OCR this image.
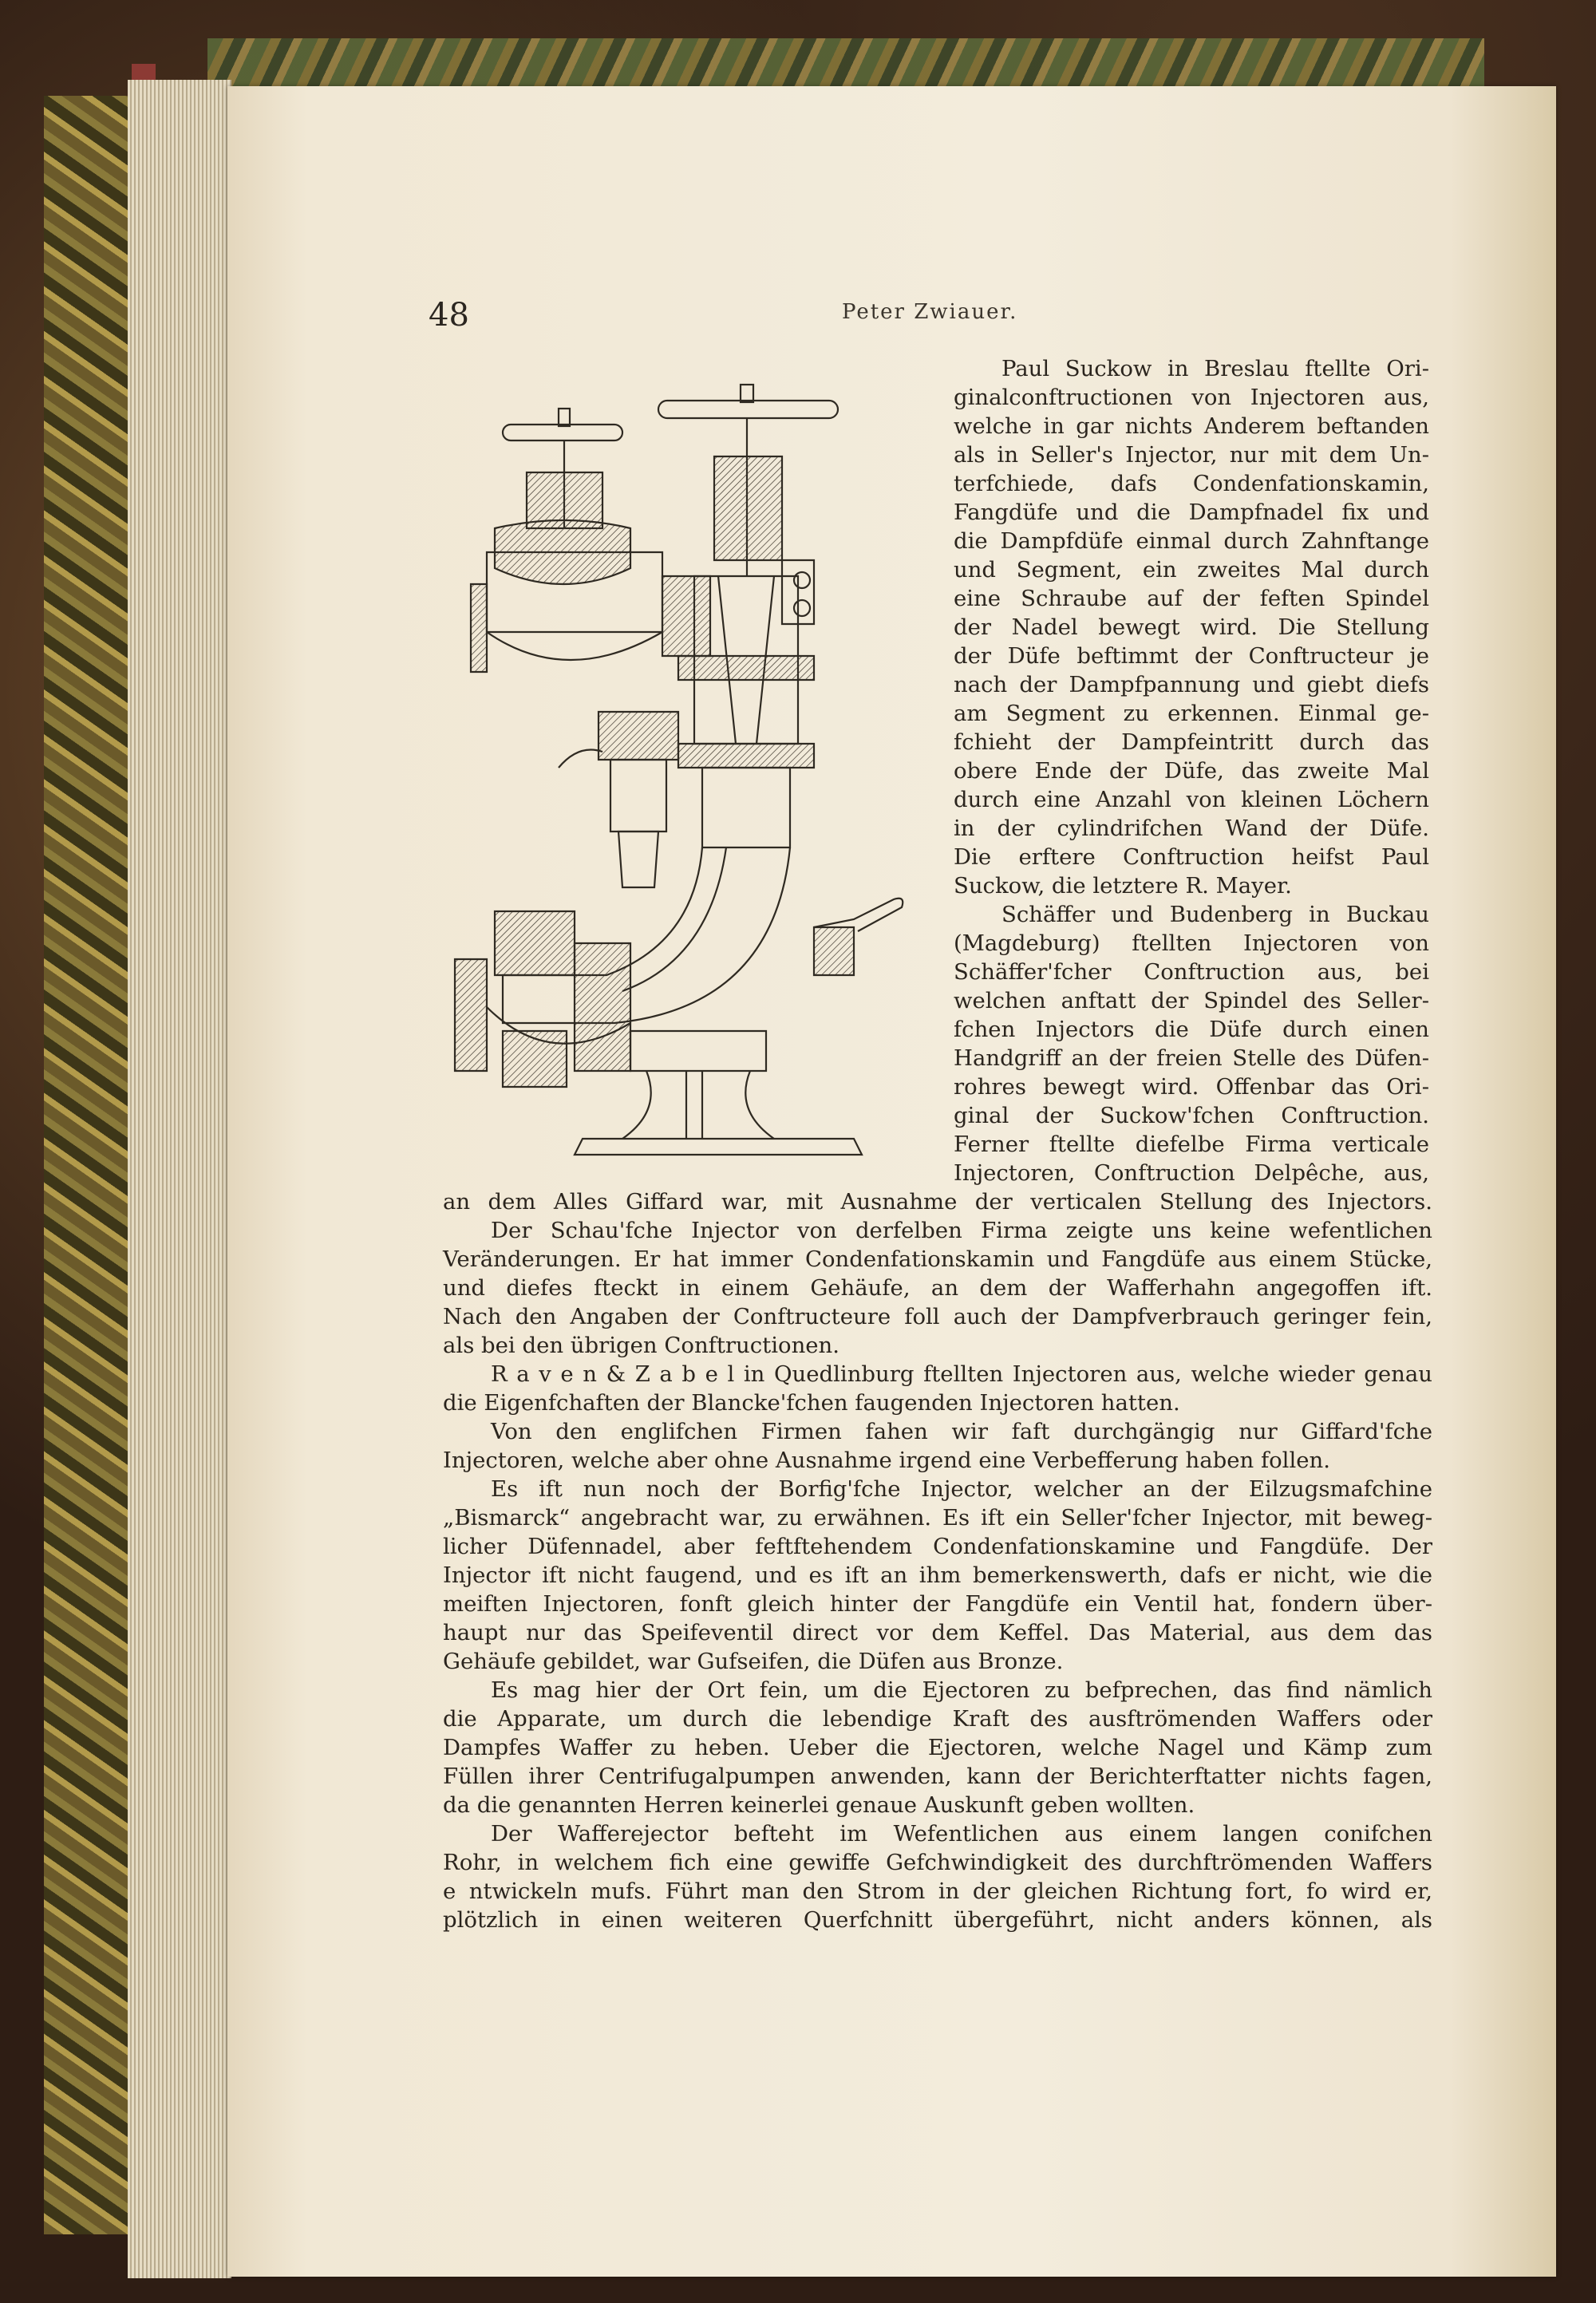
48	Peter Zwiauer.
Paul Suckow in Breslau ftellte Ori-
ginalconftructionen von Injectoren aus,
welche in gar nichts Anderem beftanden
als in Seller's Injector, nur mit dem Un-
terfchiede, dafs Condenfationskamin,
Fangdüfe und die Dampfnadel fix und
die Dampfdüfe einmal durch Zahnftange
und Segment, ein zweites Mal durch
eine Schraube auf der feften Spindel
der Nadel bewegt wird. Die Stellung
der Düfe beftimmt der Conftructeur je
nach der Dampfpannung und giebt diefs
am Segment zu erkennen. Einmal ge-
fchieht der Dampfeintritt durch das
obere Ende der Düfe, das zweite Mal
durch eine Anzahl von kleinen Löchern
in der cylindrifchen Wand der Düfe.
Die erftere Conftruction heifst Paul
Suckow, die letztere R. Mayer.
Schäffer und Budenberg in Buckau
(Magdeburg) ftellten Injectoren von
Schäffer'fcher Conftruction aus, bei
welchen anftatt der Spindel des Seller-
fchen Injectors die Düfe durch einen
Handgriff an der freien Stelle des Düfen-
rohres bewegt wird. Offenbar das Ori-
ginal der Suckow'fchen Conftruction.
Ferner ftellte diefelbe Firma verticale
Injectoren, Conftruction Delpêche, aus,
an dem Alles Giffard war, mit Ausnahme der verticalen Stellung des Injectors.
Der Schau'fche Injector von derfelben Firma zeigte uns keine wefentlichen
Veränderungen. Er hat immer Condenfationskamin und Fangdüfe aus einem Stücke,
und diefes fteckt in einem Gehäufe, an dem der Wafferhahn angegoffen ift.
Nach den Angaben der Conftructeure foll auch der Dampfverbrauch geringer fein,
als bei den übrigen Conftructionen.
R a v e n & Z a b e l in Quedlinburg ftellten Injectoren aus, welche wieder genau
die Eigenfchaften der Blancke'fchen faugenden Injectoren hatten.
Von den englifchen Firmen fahen wir faft durchgängig nur Giffard'fche
Injectoren, welche aber ohne Ausnahme irgend eine Verbefferung haben follen.
Es ift nun noch der Borfig'fche Injector, welcher an der Eilzugsmafchine
„Bismarck“ angebracht war, zu erwähnen. Es ift ein Seller'fcher Injector, mit beweg-
licher Düfennadel, aber feftftehendem Condenfationskamine und Fangdüfe. Der
Injector ift nicht faugend, und es ift an ihm bemerkenswerth, dafs er nicht, wie die
meiften Injectoren, fonft gleich hinter der Fangdüfe ein Ventil hat, fondern über-
haupt nur das Speifeventil direct vor dem Keffel. Das Material, aus dem das
Gehäufe gebildet, war Gufseifen, die Düfen aus Bronze.
Es mag hier der Ort fein, um die Ejectoren zu befprechen, das find nämlich
die Apparate, um durch die lebendige Kraft des ausftrömenden Waffers oder
Dampfes Waffer zu heben. Ueber die Ejectoren, welche Nagel und Kämp zum
Füllen ihrer Centrifugalpumpen anwenden, kann der Berichterftatter nichts fagen,
da die genannten Herren keinerlei genaue Auskunft geben wollten.
Der Wafferejector befteht im Wefentlichen aus einem langen conifchen
Rohr, in welchem fich eine gewiffe Gefchwindigkeit des durchftrömenden Waffers
e ntwickeln mufs. Führt man den Strom in der gleichen Richtung fort, fo wird er,
plötzlich in einen weiteren Querfchnitt übergeführt, nicht anders können, als
